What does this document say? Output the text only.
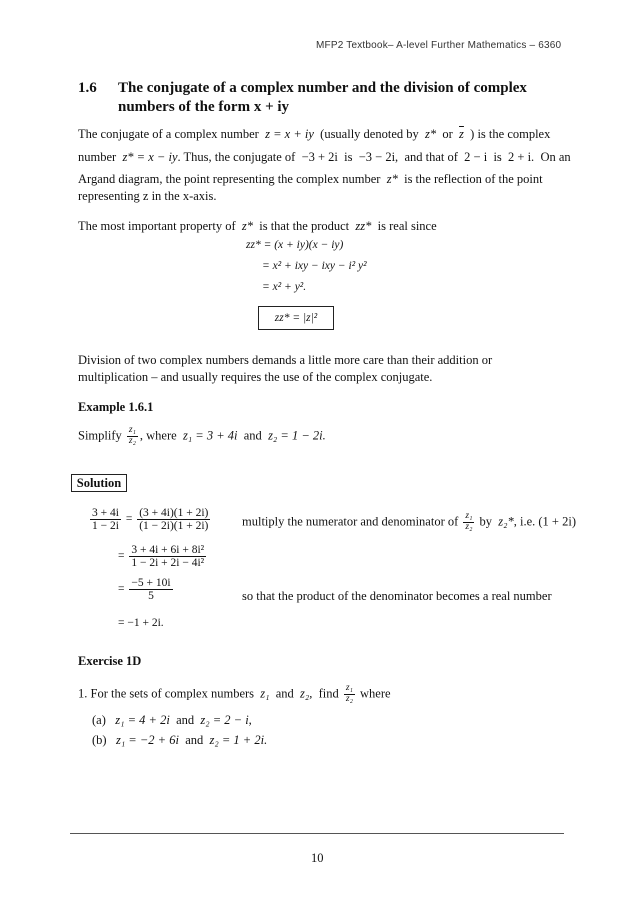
MFP2 Textbook– A-level Further Mathematics – 6360
1.6 The conjugate of a complex number and the division of complex
numbers of the form x + iy
The conjugate of a complex number z = x + iy (usually denoted by z* or $\overline{z}$ ) is the complex
number z* = x − iy. Thus, the conjugate of −3 + 2i is −3 − 2i, and that of 2 − i is 2 + i. On an
Argand diagram, the point representing the complex number z* is the reflection of the point
representing z in the x-axis.
The most important property of z* is that the product zz* is real since
zz* = (x + iy)(x − iy)
= x² + ixy − ixy − i² y²
= x² + y².
zz* = |z|²
Division of two complex numbers demands a little more care than their addition or
multiplication – and usually requires the use of the complex conjugate.
Example 1.6.1
Simplify $\frac{\text{z₁}}{\text{z₂}}$ , where z₁ = 3 + 4i and z₂ = 1 − 2i.
Solution
$\frac{3 + 4i}{1 - 2i} = \frac{(3 + 4i)(1 + 2i)}{(1 - 2i)(1 + 2i)}$	multiply the numerator and denominator of $\frac{\text{z₁}}{\text{z₂}}$ by z₂*, i.e. (1 + 2i)
= $\frac{\text{3 + 4i + 6i + 8i²}}{\text{1 − 2i + 2i − 4i²}}$
= $\frac{-5 + 10i}{5}$	so that the product of the denominator becomes a real number
= −1 + 2i.
Exercise 1D
1. For the sets of complex numbers z₁ and z₂, find $\frac{\text{z₁}}{\text{z₂}}$ where
(a) z₁ = 4 + 2i and z₂ = 2 − i,
(b) z₁ = −2 + 6i and z₂ = 1 + 2i.
10
